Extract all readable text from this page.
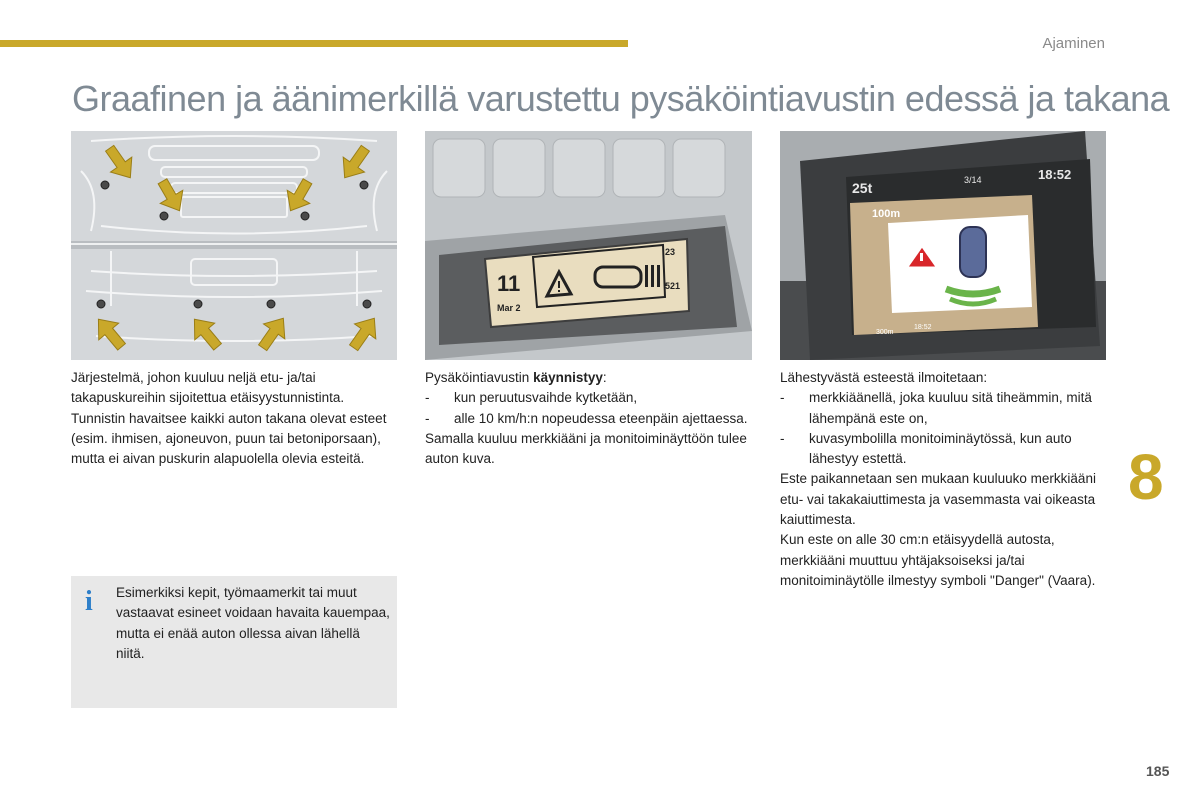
Ajaminen
Graafinen ja äänimerkillä varustettu pysäköintiavustin edessä ja takana
11
Mar 2
23
521
25t	3/14	18:52
100m
300m
18:52

Järjestelmä, johon kuuluu neljä etu- ja/tai takapuskureihin sijoitettua etäisyystunnistinta. Tunnistin havaitsee kaikki auton takana olevat esteet (esim. ihmisen, ajoneuvon, puun tai betoniporsaan), mutta ei aivan puskurin alapuolella olevia esteitä.

i Esimerkiksi kepit, työmaamerkit tai muut vastaavat esineet voidaan havaita kauempaa, mutta ei enää auton ollessa aivan lähellä niitä.

Pysäköintiavustin käynnistyy:

- kun peruutusvaihde kytketään,

- alle 10 km/h:n nopeudessa eteenpäin ajettaessa.

Samalla kuuluu merkkiääni ja monitoiminäyttöön tulee auton kuva.

Lähestyvästä esteestä ilmoitetaan:

- merkkiäänellä, joka kuuluu sitä tiheämmin, mitä lähempänä este on,

- kuvasymbolilla monitoiminäytössä, kun auto lähestyy estettä.

Este paikannetaan sen mukaan kuuluuko merkkiääni etu- vai takakaiuttimesta ja vasemmasta vai oikeasta kaiuttimesta.

Kun este on alle 30 cm:n etäisyydellä autosta, merkkiääni muuttuu yhtäjaksoiseksi ja/tai monitoiminäytölle ilmestyy symboli "Danger" (Vaara).

8
185
